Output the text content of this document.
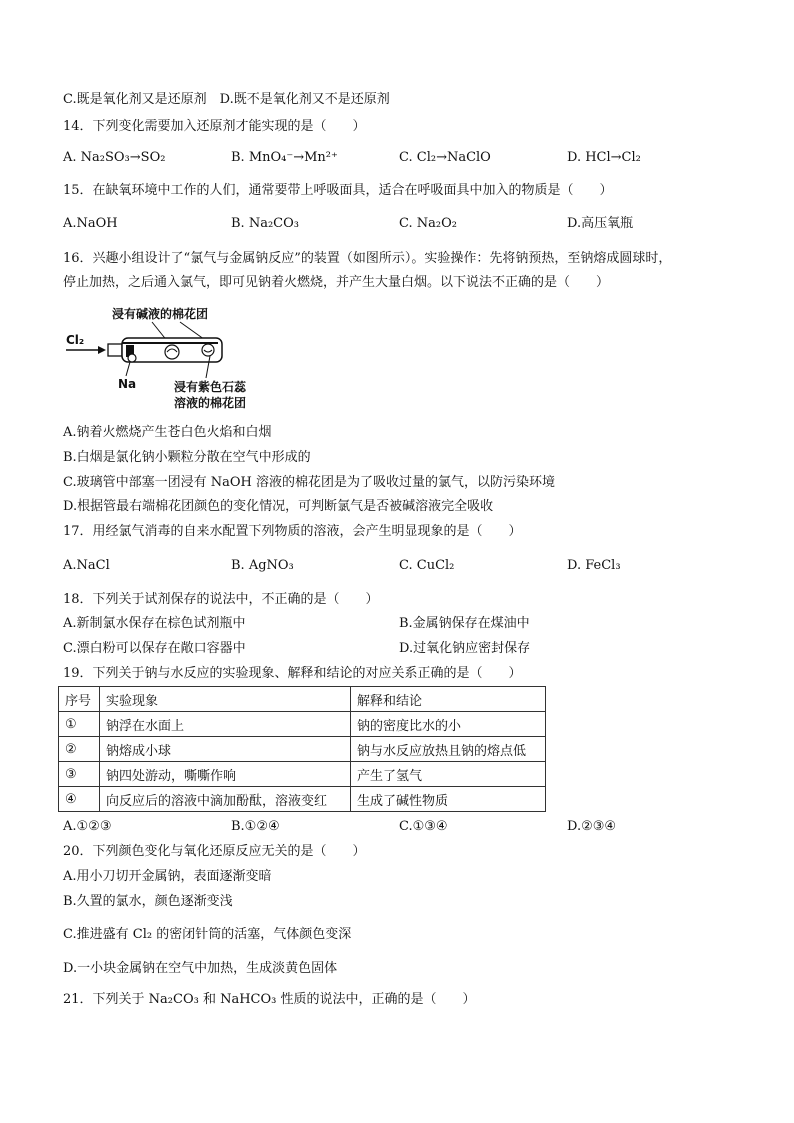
C.既是氧化剂又是还原剂　D.既不是氧化剂又不是还原剂
14．下列变化需要加入还原剂才能实现的是（　　）
A. Na₂SO₃→SO₂	B. MnO₄⁻→Mn²⁺	C. Cl₂→NaClO	D. HCl→Cl₂
15．在缺氧环境中工作的人们，通常要带上呼吸面具，适合在呼吸面具中加入的物质是（　　）
A.NaOH	B. Na₂CO₃	C. Na₂O₂	D.高压氧瓶
16．兴趣小组设计了“氯气与金属钠反应”的装置（如图所示）。实验操作：先将钠预热，至钠熔成圆球时，
停止加热，之后通入氯气，即可见钠着火燃烧，并产生大量白烟。以下说法不正确的是（　　）
浸有碱液的棉花团
Cl₂
Na	浸有紫色石蕊
溶液的棉花团
A.钠着火燃烧产生苍白色火焰和白烟
B.白烟是氯化钠小颗粒分散在空气中形成的
C.玻璃管中部塞一团浸有 NaOH 溶液的棉花团是为了吸收过量的氯气，以防污染环境
D.根据管最右端棉花团颜色的变化情况，可判断氯气是否被碱溶液完全吸收
17．用经氯气消毒的自来水配置下列物质的溶液，会产生明显现象的是（　　）
A.NaCl	B. AgNO₃	C. CuCl₂	D. FeCl₃
18．下列关于试剂保存的说法中，不正确的是（　　）
A.新制氯水保存在棕色试剂瓶中	B.金属钠保存在煤油中
C.漂白粉可以保存在敞口容器中	D.过氧化钠应密封保存
19．下列关于钠与水反应的实验现象、解释和结论的对应关系正确的是（　　）
序号	实验现象	解释和结论
①	钠浮在水面上	钠的密度比水的小
②	钠熔成小球	钠与水反应放热且钠的熔点低
③	钠四处游动，嘶嘶作响	产生了氢气
④	向反应后的溶液中滴加酚酞，溶液变红	生成了碱性物质
A.①②③	B.①②④	C.①③④	D.②③④
20．下列颜色变化与氧化还原反应无关的是（　　）
A.用小刀切开金属钠，表面逐渐变暗
B.久置的氯水，颜色逐渐变浅
C.推进盛有 Cl₂ 的密闭针筒的活塞，气体颜色变深
D.一小块金属钠在空气中加热，生成淡黄色固体
21．下列关于 Na₂CO₃ 和 NaHCO₃ 性质的说法中，正确的是（　　）
